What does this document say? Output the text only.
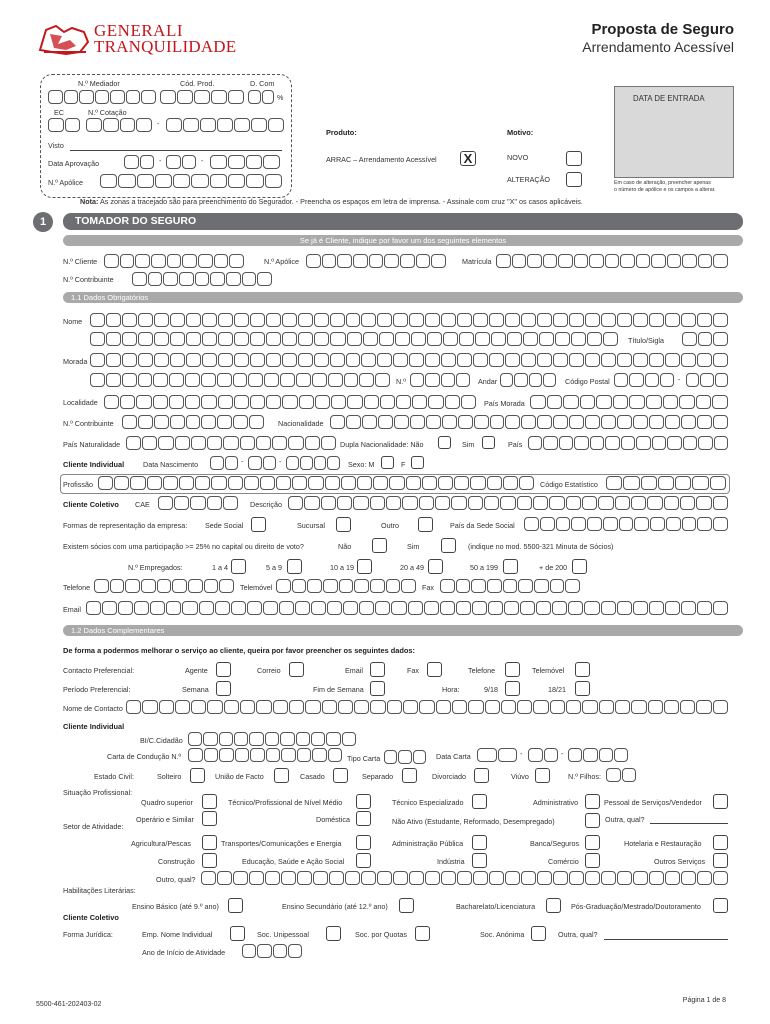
GENERALI
TRANQUILIDADE
Proposta de Seguro
Arrendamento Acessível
N.º Mediador	Cód. Prod.	D. Com
%
EC	N.º Cotação
-
Visto
Data Aprovação	-	-
N.º Apólice
Produto:
ARRAC – Arrendamento Acessível X
Motivo:
NOVO
ALTERAÇÃO
DATA DE ENTRADA
Em caso de alteração, preencher apenas
o número de apólice e os campos a alterar.
Nota: As zonas a tracejado são para preenchimento do Segurador. - Preencha os espaços em letra de imprensa. - Assinale com cruz "X" os casos aplicáveis.
1	TOMADOR DO SEGURO
Se já é Cliente, indique por favor um dos seguintes elementos
N.º Cliente	N.º Apólice	Matrícula
N.º Contribuinte
1.1 Dados Obrigatórios
Nome
Título/Sigla
Morada
N.º	Andar	Código Postal	-
Localidade	País Morada
N.º Contribuinte	Nacionalidade
País Naturalidade	Dupla Nacionalidade: Não	Sim	País
Cliente Individual	Data Nascimento	-	-	Sexo: M	F
Profissão	Código Estatístico
Cliente Coletivo CAE	Descrição
Formas de representação da empresa: Sede Social	Sucursal	Outro	País da Sede Social
Existem sócios com uma participação >= 25% no capital ou direito de voto?	Não	Sim	(indique no mod. 5500-321 Minuta de Sócios)
N.º Empregados:	1 a 4	5 a 9	10 a 19	20 a 49	50 a 199	+ de 200
Telefone	Telemóvel	Fax
Email
1.2 Dados Complementares
De forma a podermos melhorar o serviço ao cliente, queira por favor preencher os seguintes dados:
Contacto Preferencial:	Agente	Correio	Email	Fax	Telefone	Telemóvel
Período Preferencial:	Semana	Fim de Semana	Hora:	9/18	18/21
Nome de Contacto
Cliente Individual
BI/C.Cidadão
Carta de Condução N.º	Tipo Carta	Data Carta	-	-
Estado Civil:	Solteiro	União de Facto	Casado	Separado	Divorciado	Viúvo	N.º Filhos:
Situação Profissional:
Quadro superior	Técnico/Profissional de Nível Médio	Técnico Especializado	Administrativo	Pessoal de Serviços/Vendedor
Operário e Similar
Setor de Atividade:
Doméstica	Não Ativo (Estudante, Reformado, Desempregado)	Outra, qual?
Agricultura/Pescas	Transportes/Comunicações e Energia	Administração Pública	Banca/Seguros	Hotelaria e Restauração
Construção	Educação, Saúde e Ação Social	Indústria	Comércio	Outros Serviços
Outro, qual?
Habilitações Literárias:
Ensino Básico (até 9.º ano)	Ensino Secundário (até 12.º ano)	Bacharelato/Licenciatura	Pós-Graduação/Mestrado/Doutoramento
Cliente Coletivo
Forma Jurídica:	Emp. Nome Individual	Soc. Unipessoal	Soc. por Quotas	Soc. Anónima	Outra, qual?
Ano de Início de Atividade
5500-461-202403-02
Página 1 de 8
